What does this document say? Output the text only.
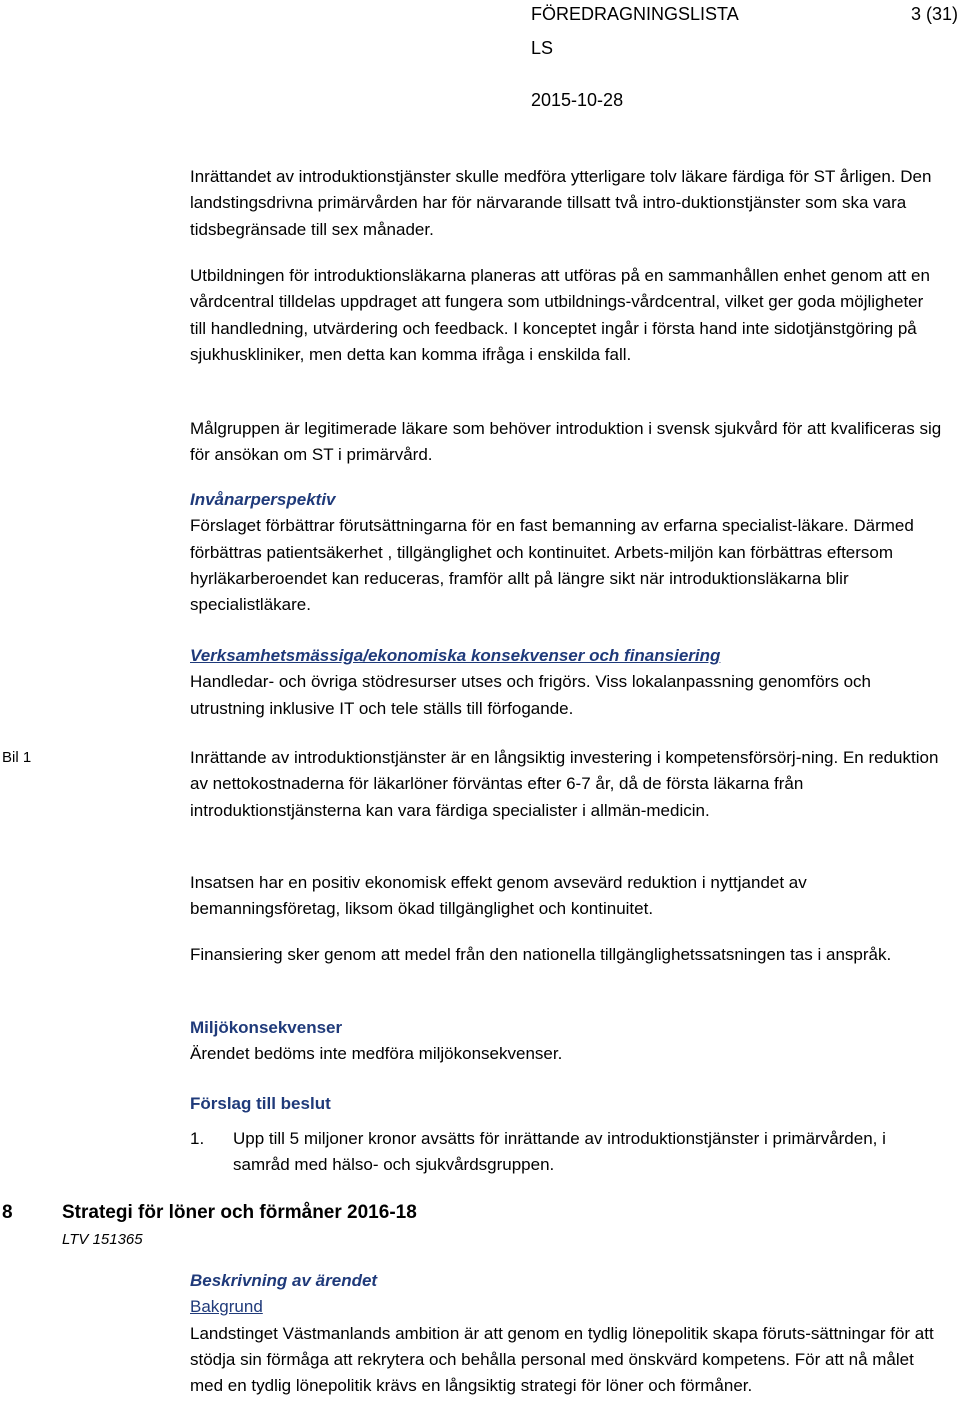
FÖREDRAGNINGSLISTA	3 (31)
LS
2015-10-28

Inrättandet av introduktionstjänster skulle medföra ytterligare tolv läkare färdiga för ST årligen. Den landstingsdrivna primärvården har för närvarande tillsatt två intro-duktionstjänster som ska vara tidsbegränsade till sex månader.

Utbildningen för introduktionsläkarna planeras att utföras på en sammanhållen enhet genom att en vårdcentral tilldelas uppdraget att fungera som utbildnings-vårdcentral, vilket ger goda möjligheter till handledning, utvärdering och feedback. I konceptet ingår i första hand inte sidotjänstgöring på sjukhuskliniker, men detta kan komma ifråga i enskilda fall.

Målgruppen är legitimerade läkare som behöver introduktion i svensk sjukvård för att kvalificeras sig för ansökan om ST i primärvård.

Invånarperspektiv

Förslaget förbättrar förutsättningarna för en fast bemanning av erfarna specialist-läkare. Därmed förbättras patientsäkerhet , tillgänglighet och kontinuitet. Arbets-miljön kan förbättras eftersom hyrläkarberoendet kan reduceras, framför allt på längre sikt när introduktionsläkarna blir specialistläkare.

Verksamhetsmässiga/ekonomiska konsekvenser och finansiering

Handledar- och övriga stödresurser utses och frigörs. Viss lokalanpassning genomförs och utrustning inklusive IT och tele ställs till förfogande.

Bil 1	Inrättande av introduktionstjänster är en långsiktig investering i kompetensförsörj-ning. En reduktion av nettokostnaderna för läkarlöner förväntas efter 6-7 år, då de första läkarna från introduktionstjänsterna kan vara färdiga specialister i allmän-medicin.

Insatsen har en positiv ekonomisk effekt genom avsevärd reduktion i nyttjandet av bemanningsföretag, liksom ökad tillgänglighet och kontinuitet.

Finansiering sker genom att medel från den nationella tillgänglighetssatsningen tas i anspråk.

Miljökonsekvenser

Ärendet bedöms inte medföra miljökonsekvenser.

Förslag till beslut

1. Upp till 5 miljoner kronor avsätts för inrättande av introduktionstjänster i primärvården, i samråd med hälso- och sjukvårdsgruppen.
8	Strategi för löner och förmåner 2016-18
LTV 151365

Beskrivning av ärendet

Bakgrund

Landstinget Västmanlands ambition är att genom en tydlig lönepolitik skapa föruts-sättningar för att stödja sin förmåga att rekrytera och behålla personal med önskvärd kompetens. För att nå målet med en tydlig lönepolitik krävs en långsiktig strategi för löner och förmåner.
